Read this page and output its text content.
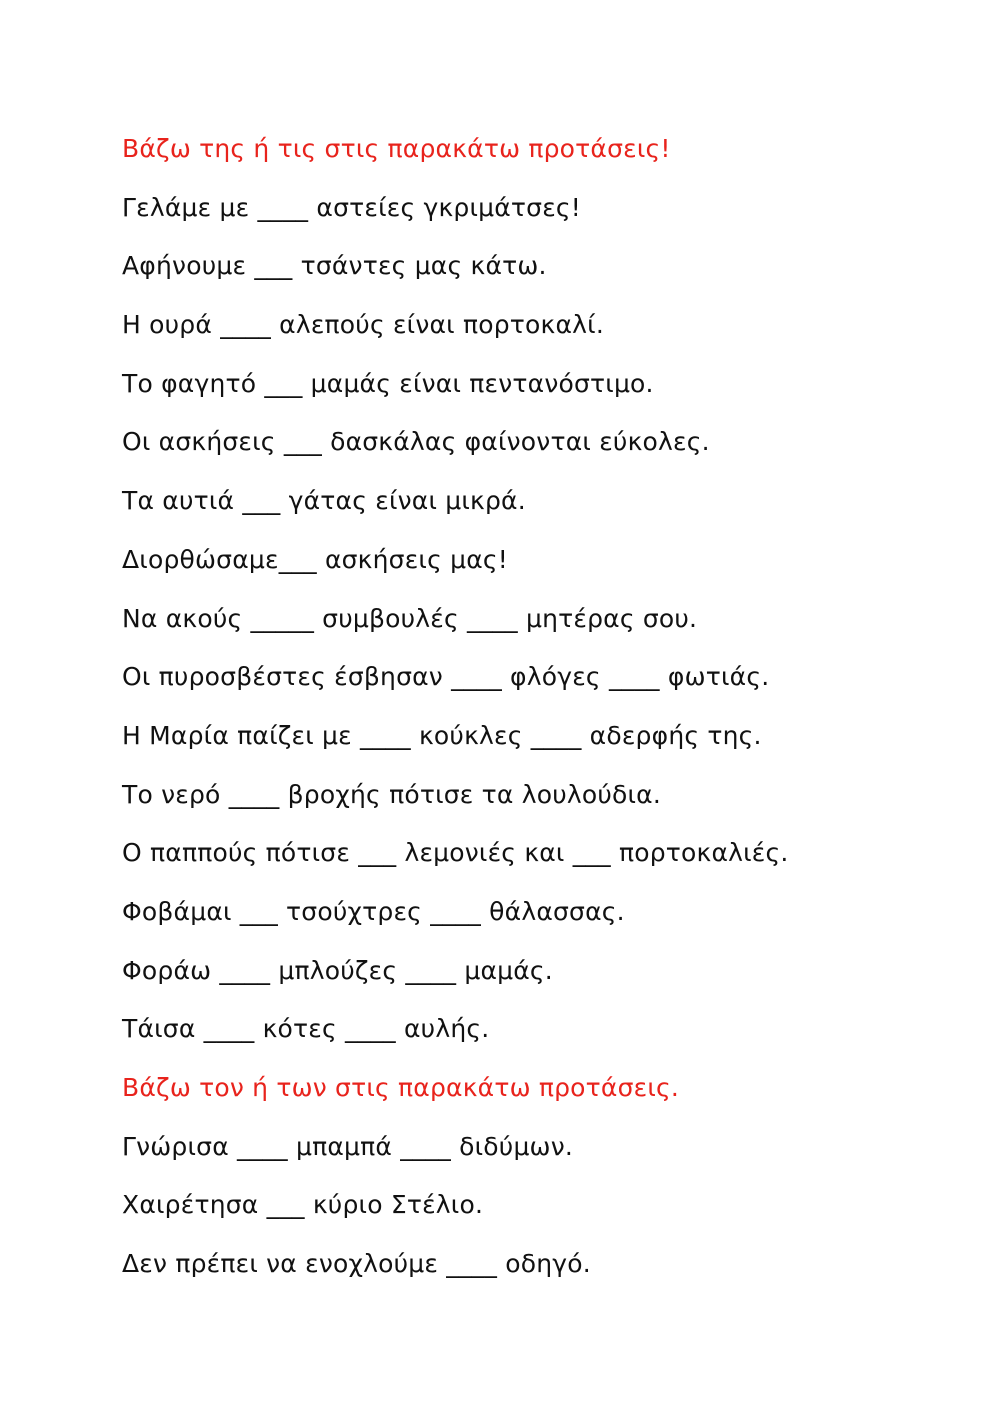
Βάζω της ή τις στις παρακάτω προτάσεις!
Γελάμε με ____ αστείες γκριμάτσες!
Αφήνουμε ___ τσάντες μας κάτω.
Η ουρά ____ αλεπούς είναι πορτοκαλί.
Το φαγητό ___ μαμάς είναι πεντανόστιμο.
Οι ασκήσεις ___ δασκάλας φαίνονται εύκολες.
Τα αυτιά ___ γάτας είναι μικρά.
Διορθώσαμε___ ασκήσεις μας!
Να ακούς _____ συμβουλές ____ μητέρας σου.
Οι πυροσβέστες έσβησαν ____ φλόγες ____ φωτιάς.
Η Μαρία παίζει με ____ κούκλες ____ αδερφής της.
Το νερό ____ βροχής πότισε τα λουλούδια.
Ο παππούς πότισε ___ λεμονιές και ___ πορτοκαλιές.
Φοβάμαι ___ τσούχτρες ____ θάλασσας.
Φοράω ____ μπλούζες ____ μαμάς.
Τάισα ____ κότες ____ αυλής.
Βάζω τον ή των στις παρακάτω προτάσεις.
Γνώρισα ____ μπαμπά ____ διδύμων.
Χαιρέτησα ___ κύριο Στέλιο.
Δεν πρέπει να ενοχλούμε ____ οδηγό.
